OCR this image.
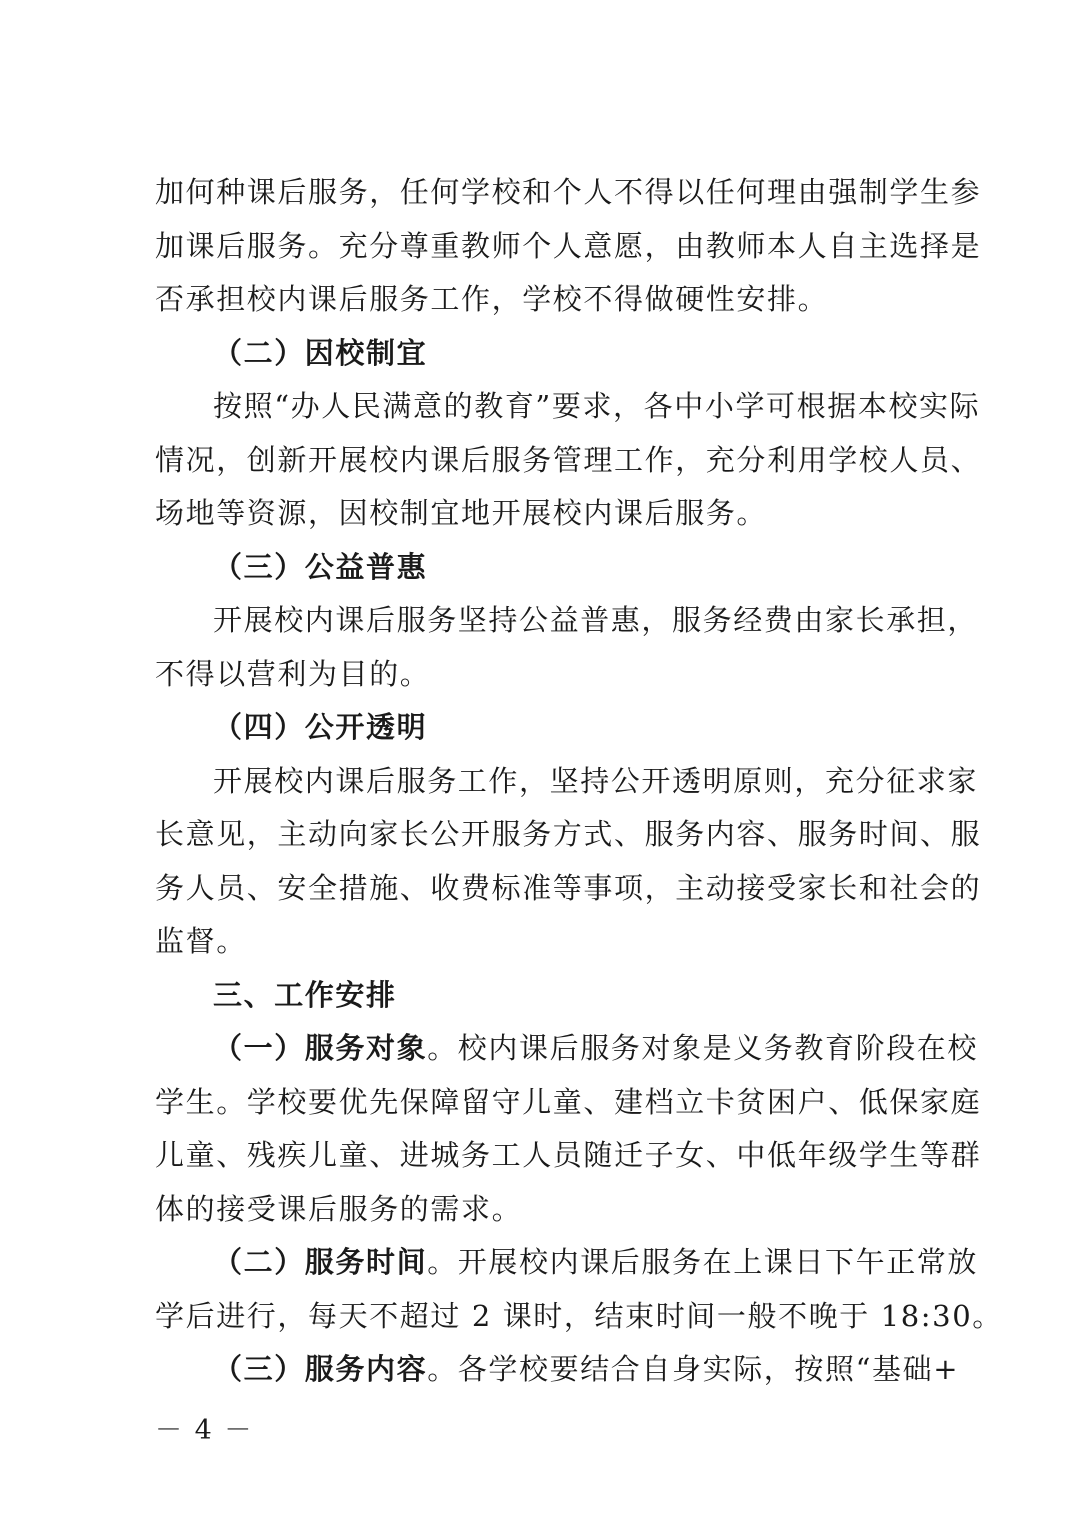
加何种课后服务，任何学校和个人不得以任何理由强制学生参
加课后服务。充分尊重教师个人意愿，由教师本人自主选择是
否承担校内课后服务工作，学校不得做硬性安排。
（二）因校制宜
按照“办人民满意的教育”要求，各中小学可根据本校实际
情况，创新开展校内课后服务管理工作，充分利用学校人员、
场地等资源，因校制宜地开展校内课后服务。
（三）公益普惠
开展校内课后服务坚持公益普惠，服务经费由家长承担，
不得以营利为目的。
（四）公开透明
开展校内课后服务工作，坚持公开透明原则，充分征求家
长意见，主动向家长公开服务方式、服务内容、服务时间、服
务人员、安全措施、收费标准等事项，主动接受家长和社会的
监督。
三、工作安排
（一）服务对象。校内课后服务对象是义务教育阶段在校
学生。学校要优先保障留守儿童、建档立卡贫困户、低保家庭
儿童、残疾儿童、进城务工人员随迁子女、中低年级学生等群
体的接受课后服务的需求。
（二）服务时间。开展校内课后服务在上课日下午正常放
学后进行，每天不超过 2 课时，结束时间一般不晚于 18:30。
（三）服务内容。各学校要结合自身实际，按照“基础+
－ 4 －
